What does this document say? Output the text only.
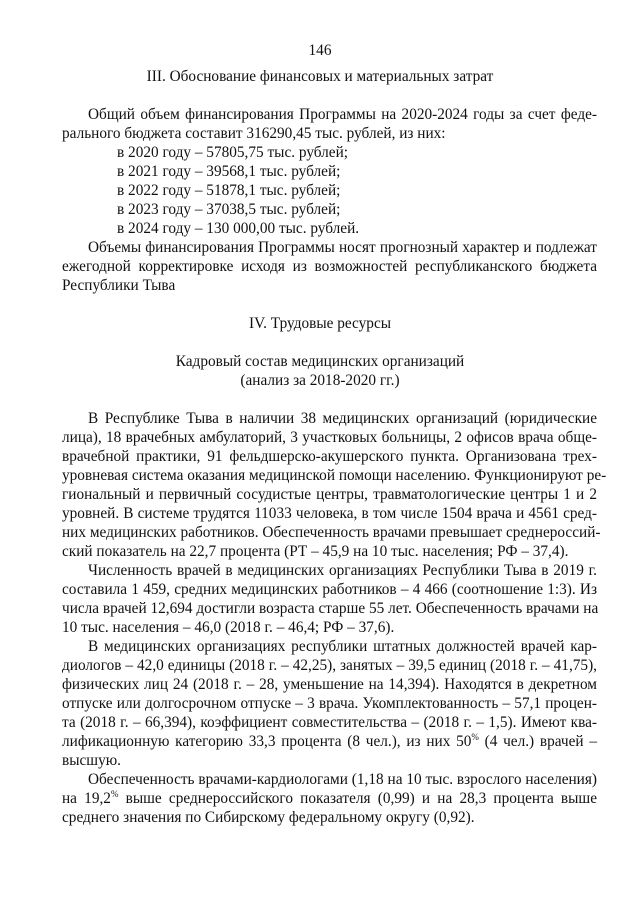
146
III. Обоснование финансовых и материальных затрат
Общий объем финансирования Программы на 2020-2024 годы за счет феде-
рального бюджета составит 316290,45 тыс. рублей, из них:
в 2020 году – 57805,75 тыс. рублей;
в 2021 году – 39568,1 тыс. рублей;
в 2022 году – 51878,1 тыс. рублей;
в 2023 году – 37038,5 тыс. рублей;
в 2024 году – 130 000,00 тыс. рублей.
Объемы финансирования Программы носят прогнозный характер и подлежат
ежегодной корректировке исходя из возможностей республиканского бюджета
Республики Тыва
IV. Трудовые ресурсы
Кадровый состав медицинских организаций
(анализ за 2018-2020 гг.)
В Республике Тыва в наличии 38 медицинских организаций (юридические
лица), 18 врачебных амбулаторий, 3 участковых больницы, 2 офисов врача обще-
врачебной практики, 91 фельдшерско-акушерского пункта. Организована трех-
уровневая система оказания медицинской помощи населению. Функционируют ре-
гиональный и первичный сосудистые центры, травматологические центры 1 и 2
уровней. В системе трудятся 11033 человека, в том числе 1504 врача и 4561 сред-
них медицинских работников. Обеспеченность врачами превышает среднероссий-
ский показатель на 22,7 процента (РТ – 45,9 на 10 тыс. населения; РФ – 37,4).
Численность врачей в медицинских организациях Республики Тыва в 2019 г.
составила 1 459, средних медицинских работников – 4 466 (соотношение 1:3). Из
числа врачей 12,694 достигли возраста старше 55 лет. Обеспеченность врачами на
10 тыс. населения – 46,0 (2018 г. – 46,4; РФ – 37,6).
В медицинских организациях республики штатных должностей врачей кар-
диологов – 42,0 единицы (2018 г. – 42,25), занятых – 39,5 единиц (2018 г. – 41,75),
физических лиц 24 (2018 г. – 28, уменьшение на 14,394). Находятся в декретном
отпуске или долгосрочном отпуске – 3 врача. Укомплектованность – 57,1 процен-
та (2018 г. – 66,394), коэффициент совместительства – (2018 г. – 1,5). Имеют ква-
лификационную категорию 33,3 процента (8 чел.), из них 50% (4 чел.) врачей –
высшую.
Обеспеченность врачами-кардиологами (1,18 на 10 тыс. взрослого населения)
на 19,2% выше среднероссийского показателя (0,99) и на 28,3 процента выше
среднего значения по Сибирскому федеральному округу (0,92).
